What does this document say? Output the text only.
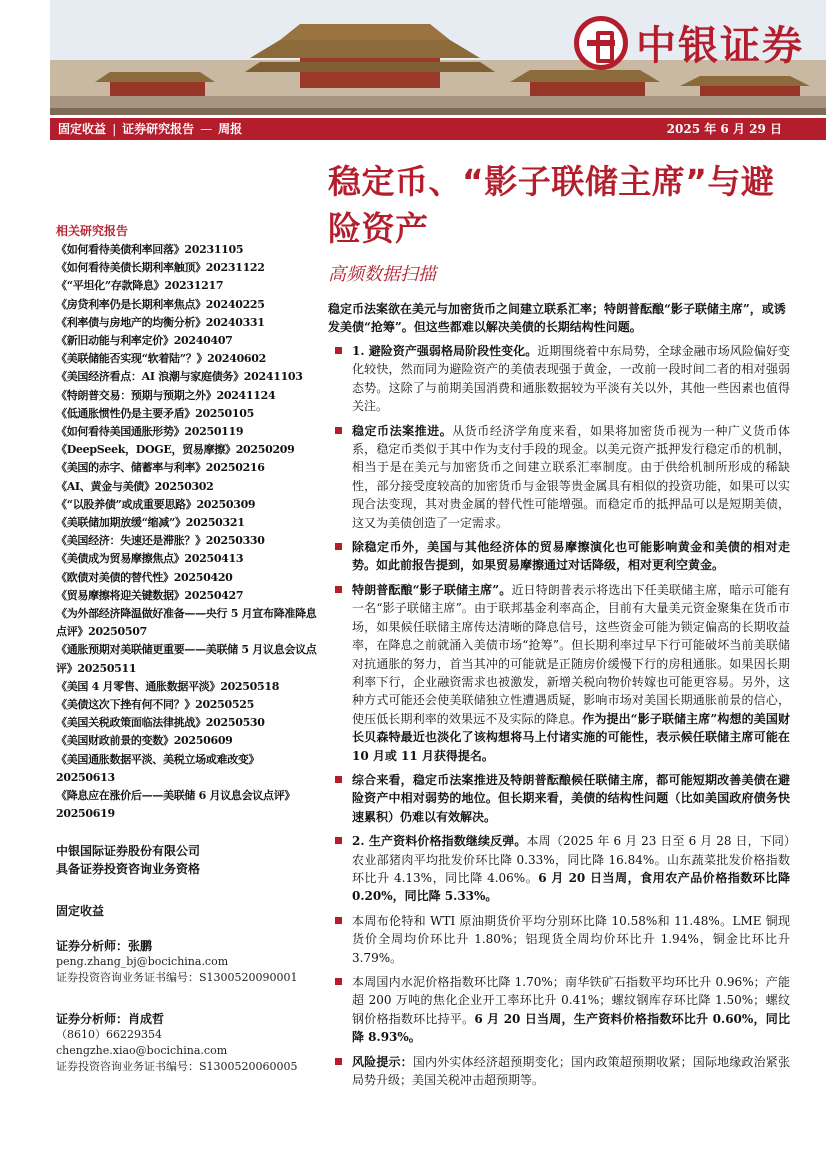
中银证券
固定收益 | 证券研究报告 — 周报	2025 年 6 月 29 日
相关研究报告
《如何看待美债利率回落》20231105
《如何看待美债长期利率触顶》20231122
《“平坦化”存款降息》20231217
《房贷利率仍是长期利率焦点》20240225
《利率债与房地产的均衡分析》20240331
《新旧动能与利率定价》20240407
《美联储能否实现“软着陆”？》20240602
《美国经济看点：AI 浪潮与家庭债务》20241103
《特朗普交易：预期与预期之外》20241124
《低通胀惯性仍是主要矛盾》20250105
《如何看待美国通胀形势》20250119
《DeepSeek，DOGE，贸易摩擦》20250209
《美国的赤字、储蓄率与利率》20250216
《AI、黄金与美债》20250302
《“以股养债”或成重要思路》20250309
《美联储加期放缓“缩减”》20250321
《美国经济：失速还是滞胀？》20250330
《美债成为贸易摩擦焦点》20250413
《欧债对美债的替代性》20250420
《贸易摩擦将迎关键数据》20250427
《为外部经济降温做好准备——央行 5 月宣布降准降息点评》20250507
《通胀预期对美联储更重要——美联储 5 月议息会议点评》20250511
《美国 4 月零售、通胀数据平淡》20250518
《美债这次下挫有何不同？》20250525
《美国关税政策面临法律挑战》20250530
《美国财政前景的变数》20250609
《美国通胀数据平淡、美税立场或难改变》20250613
《降息应在涨价后——美联储 6 月议息会议点评》20250619
中银国际证券股份有限公司
具备证券投资咨询业务资格
固定收益
证券分析师：张鹏
peng.zhang_bj@bocichina.com
证券投资咨询业务证书编号：S1300520090001
证券分析师：肖成哲
（8610）66229354
chengzhe.xiao@bocichina.com
证券投资咨询业务证书编号：S1300520060005
稳定币、“影子联储主席”与避险资产
高频数据扫描
稳定币法案欲在美元与加密货币之间建立联系汇率；特朗普酝酿“影子联储主席”，或诱发美债“抢筹”。但这些都难以解决美债的长期结构性问题。
1. 避险资产强弱格局阶段性变化。近期围绕着中东局势，全球金融市场风险偏好变化较快，然而同为避险资产的美债表现强于黄金，一改前一段时间二者的相对强弱态势。这除了与前期美国消费和通胀数据较为平淡有关以外，其他一些因素也值得关注。
稳定币法案推进。从货币经济学角度来看，如果将加密货币视为一种广义货币体系，稳定币类似于其中作为支付手段的现金。以美元资产抵押发行稳定币的机制，相当于是在美元与加密货币之间建立联系汇率制度。由于供给机制所形成的稀缺性，部分接受度较高的加密货币与金银等贵金属具有相似的投资功能，如果可以实现合法变现，其对贵金属的替代性可能增强。而稳定币的抵押品可以是短期美债，这又为美债创造了一定需求。
除稳定币外，美国与其他经济体的贸易摩擦演化也可能影响黄金和美债的相对走势。如此前报告提到，如果贸易摩擦通过对话降级，相对更利空黄金。
特朗普酝酿“影子联储主席”。近日特朗普表示将选出下任美联储主席，暗示可能有一名“影子联储主席”。由于联邦基金利率高企，目前有大量美元资金聚集在货币市场，如果候任联储主席传达清晰的降息信号，这些资金可能为锁定偏高的长期收益率，在降息之前就涌入美债市场“抢筹”。但长期利率过早下行可能破坏当前美联储对抗通胀的努力，首当其冲的可能就是正随房价缓慢下行的房租通胀。如果因长期利率下行，企业融资需求也被激发，新增关税向物价转嫁也可能更容易。另外，这种方式可能还会使美联储独立性遭遇质疑，影响市场对美国长期通胀前景的信心，使压低长期利率的效果远不及实际的降息。作为提出“影子联储主席”构想的美国财长贝森特最近也淡化了该构想将马上付诸实施的可能性，表示候任联储主席可能在 10 月或 11 月获得提名。
综合来看，稳定币法案推进及特朗普酝酿候任联储主席，都可能短期改善美债在避险资产中相对弱势的地位。但长期来看，美债的结构性问题（比如美国政府债务快速累积）仍难以有效解决。
2. 生产资料价格指数继续反弹。本周（2025 年 6 月 23 日至 6 月 28 日，下同）农业部猪肉平均批发价环比降 0.33%，同比降 16.84%。山东蔬菜批发价格指数环比升 4.13%，同比降 4.06%。6 月 20 日当周，食用农产品价格指数环比降 0.20%，同比降 5.33%。
本周布伦特和 WTI 原油期货价平均分别环比降 10.58%和 11.48%。LME 铜现货价全周均价环比升 1.80%；铝现货全周均价环比升 1.94%，铜金比环比升 3.79%。
本周国内水泥价格指数环比降 1.70%；南华铁矿石指数平均环比升 0.96%；产能超 200 万吨的焦化企业开工率环比升 0.41%；螺纹钢库存环比降 1.50%；螺纹钢价格指数环比持平。6 月 20 日当周，生产资料价格指数环比升 0.60%，同比降 8.93%。
风险提示：国内外实体经济超预期变化；国内政策超预期收紧；国际地缘政治紧张局势升级；美国关税冲击超预期等。
